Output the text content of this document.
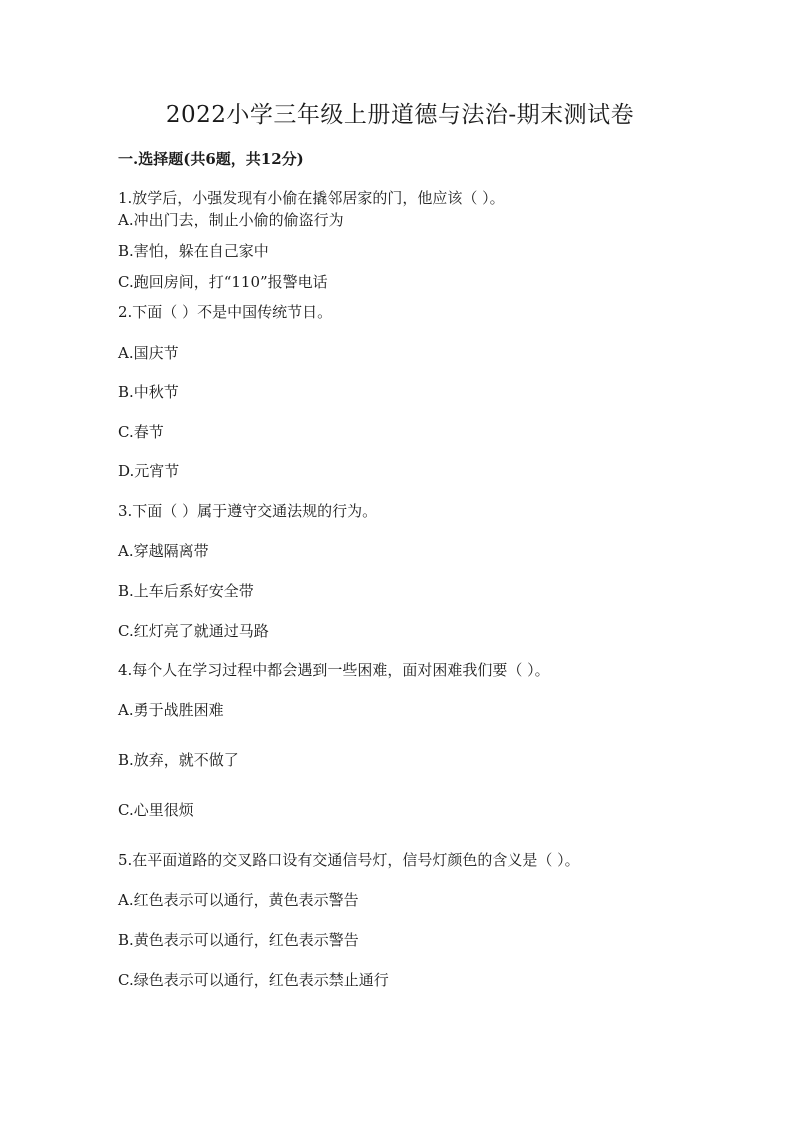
2022小学三年级上册道德与法治-期末测试卷
一.选择题(共6题，共12分)
1.放学后，小强发现有小偷在撬邻居家的门，他应该（ ）。
A.冲出门去，制止小偷的偷盗行为
B.害怕，躲在自己家中
C.跑回房间，打“110”报警电话
2.下面（ ）不是中国传统节日。
A.国庆节
B.中秋节
C.春节
D.元宵节
3.下面（ ）属于遵守交通法规的行为。
A.穿越隔离带
B.上车后系好安全带
C.红灯亮了就通过马路
4.每个人在学习过程中都会遇到一些困难，面对困难我们要（ ）。
A.勇于战胜困难
B.放弃，就不做了
C.心里很烦
5.在平面道路的交叉路口设有交通信号灯，信号灯颜色的含义是（ ）。
A.红色表示可以通行，黄色表示警告
B.黄色表示可以通行，红色表示警告
C.绿色表示可以通行，红色表示禁止通行
